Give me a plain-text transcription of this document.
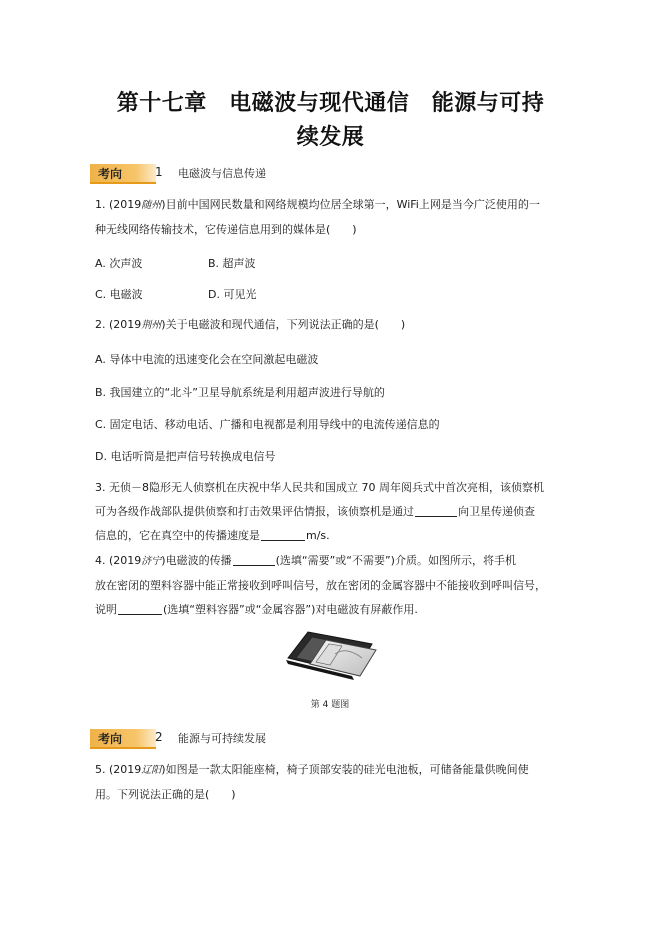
第十七章　电磁波与现代通信　能源与可持
续发展
考向	1 电磁波与信息传递
1. (2019随州)目前中国网民数量和网络规模均位居全球第一，WiFi上网是当今广泛使用的一
种无线网络传输技术，它传递信息用到的媒体是( )
A. 次声波	B. 超声波
C. 电磁波	D. 可见光
2. (2019荆州)关于电磁波和现代通信，下列说法正确的是( )
A. 导体中电流的迅速变化会在空间激起电磁波
B. 我国建立的“北斗”卫星导航系统是利用超声波进行导航的
C. 固定电话、移动电话、广播和电视都是利用导线中的电流传递信息的
D. 电话听筒是把声信号转换成电信号
3. 无侦－8隐形无人侦察机在庆祝中华人民共和国成立 70 周年阅兵式中首次亮相，该侦察机
可为各级作战部队提供侦察和打击效果评估情报，该侦察机是通过	向卫星传递侦查
信息的，它在真空中的传播速度是	m/s.
4. (2019济宁)电磁波的传播	(选填“需要”或“不需要”)介质。如图所示，将手机
放在密闭的塑料容器中能正常接收到呼叫信号，放在密闭的金属容器中不能接收到呼叫信号，
说明	(选填“塑料容器”或“金属容器”)对电磁波有屏蔽作用.
第 4 题图
考向	2 能源与可持续发展
5. (2019辽阳)如图是一款太阳能座椅，椅子顶部安装的硅光电池板，可储备能量供晚间使
用。下列说法正确的是( )
